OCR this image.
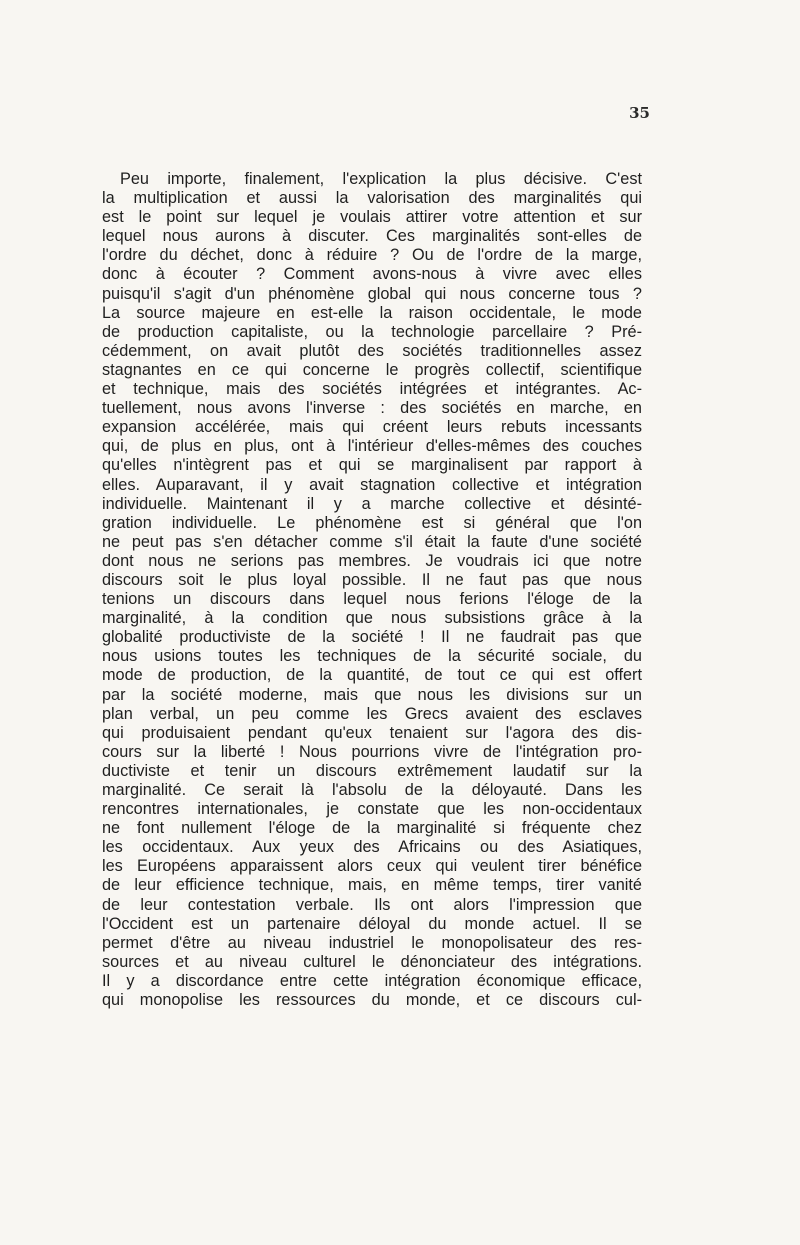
35
Peu importe, finalement, l'explication la plus décisive. C'est
la multiplication et aussi la valorisation des marginalités qui
est le point sur lequel je voulais attirer votre attention et sur
lequel nous aurons à discuter. Ces marginalités sont-elles de
l'ordre du déchet, donc à réduire ? Ou de l'ordre de la marge,
donc à écouter ? Comment avons-nous à vivre avec elles
puisqu'il s'agit d'un phénomène global qui nous concerne tous ?
La source majeure en est-elle la raison occidentale, le mode
de production capitaliste, ou la technologie parcellaire ? Pré-
cédemment, on avait plutôt des sociétés traditionnelles assez
stagnantes en ce qui concerne le progrès collectif, scientifique
et technique, mais des sociétés intégrées et intégrantes. Ac-
tuellement, nous avons l'inverse : des sociétés en marche, en
expansion accélérée, mais qui créent leurs rebuts incessants
qui, de plus en plus, ont à l'intérieur d'elles-mêmes des couches
qu'elles n'intègrent pas et qui se marginalisent par rapport à
elles. Auparavant, il y avait stagnation collective et intégration
individuelle. Maintenant il y a marche collective et désinté-
gration individuelle. Le phénomène est si général que l'on
ne peut pas s'en détacher comme s'il était la faute d'une société
dont nous ne serions pas membres. Je voudrais ici que notre
discours soit le plus loyal possible. Il ne faut pas que nous
tenions un discours dans lequel nous ferions l'éloge de la
marginalité, à la condition que nous subsistions grâce à la
globalité productiviste de la société ! Il ne faudrait pas que
nous usions toutes les techniques de la sécurité sociale, du
mode de production, de la quantité, de tout ce qui est offert
par la société moderne, mais que nous les divisions sur un
plan verbal, un peu comme les Grecs avaient des esclaves
qui produisaient pendant qu'eux tenaient sur l'agora des dis-
cours sur la liberté ! Nous pourrions vivre de l'intégration pro-
ductiviste et tenir un discours extrêmement laudatif sur la
marginalité. Ce serait là l'absolu de la déloyauté. Dans les
rencontres internationales, je constate que les non-occidentaux
ne font nullement l'éloge de la marginalité si fréquente chez
les occidentaux. Aux yeux des Africains ou des Asiatiques,
les Européens apparaissent alors ceux qui veulent tirer bénéfice
de leur efficience technique, mais, en même temps, tirer vanité
de leur contestation verbale. Ils ont alors l'impression que
l'Occident est un partenaire déloyal du monde actuel. Il se
permet d'être au niveau industriel le monopolisateur des res-
sources et au niveau culturel le dénonciateur des intégrations.
Il y a discordance entre cette intégration économique efficace,
qui monopolise les ressources du monde, et ce discours cul-
